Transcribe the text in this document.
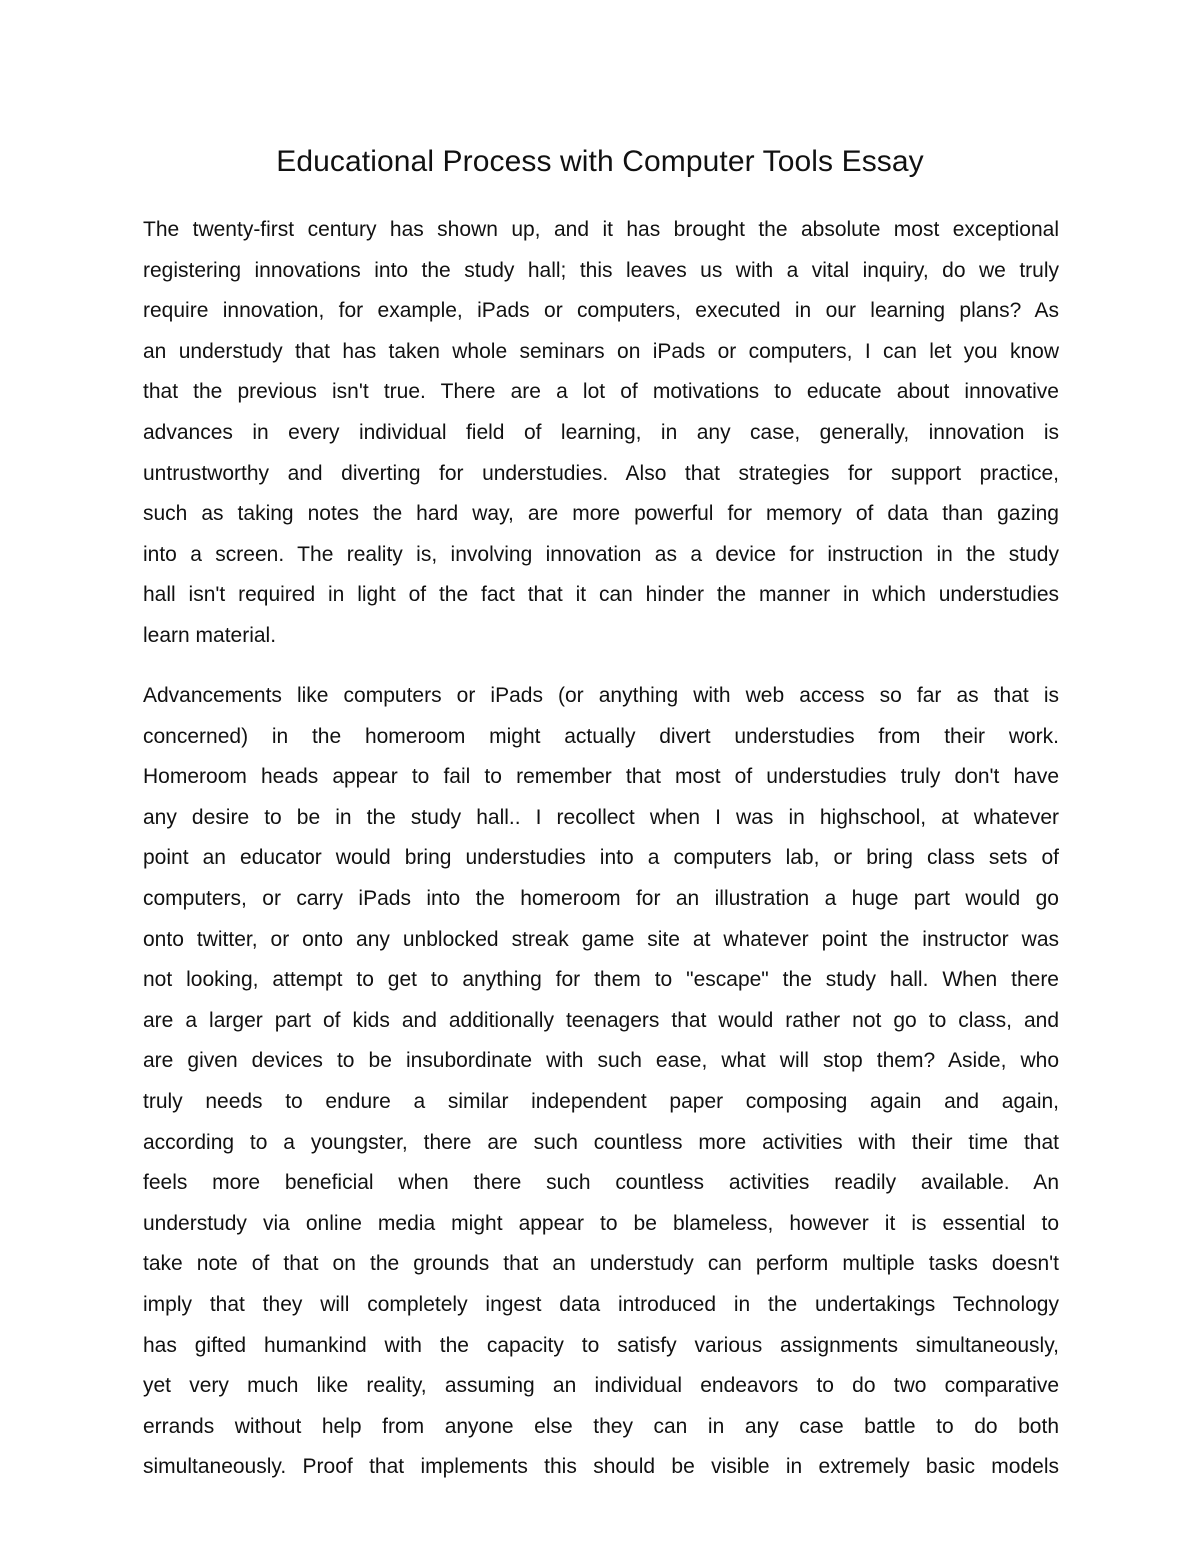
Educational Process with Computer Tools Essay

The twenty-first century has shown up, and it has brought the absolute most exceptional
registering innovations into the study hall; this leaves us with a vital inquiry, do we truly
require innovation, for example, iPads or computers, executed in our learning plans? As
an understudy that has taken whole seminars on iPads or computers, I can let you know
that the previous isn't true. There are a lot of motivations to educate about innovative
advances in every individual field of learning, in any case, generally, innovation is
untrustworthy and diverting for understudies. Also that strategies for support practice,
such as taking notes the hard way, are more powerful for memory of data than gazing
into a screen. The reality is, involving innovation as a device for instruction in the study
hall isn't required in light of the fact that it can hinder the manner in which understudies
learn material.

Advancements like computers or iPads (or anything with web access so far as that is
concerned) in the homeroom might actually divert understudies from their work.
Homeroom heads appear to fail to remember that most of understudies truly don't have
any desire to be in the study hall.. I recollect when I was in highschool, at whatever
point an educator would bring understudies into a computers lab, or bring class sets of
computers, or carry iPads into the homeroom for an illustration a huge part would go
onto twitter, or onto any unblocked streak game site at whatever point the instructor was
not looking, attempt to get to anything for them to "escape" the study hall. When there
are a larger part of kids and additionally teenagers that would rather not go to class, and
are given devices to be insubordinate with such ease, what will stop them? Aside, who
truly needs to endure a similar independent paper composing again and again,
according to a youngster, there are such countless more activities with their time that
feels more beneficial when there such countless activities readily available. An
understudy via online media might appear to be blameless, however it is essential to
take note of that on the grounds that an understudy can perform multiple tasks doesn't
imply that they will completely ingest data introduced in the undertakings Technology
has gifted humankind with the capacity to satisfy various assignments simultaneously,
yet very much like reality, assuming an individual endeavors to do two comparative
errands without help from anyone else they can in any case battle to do both
simultaneously. Proof that implements this should be visible in extremely basic models
